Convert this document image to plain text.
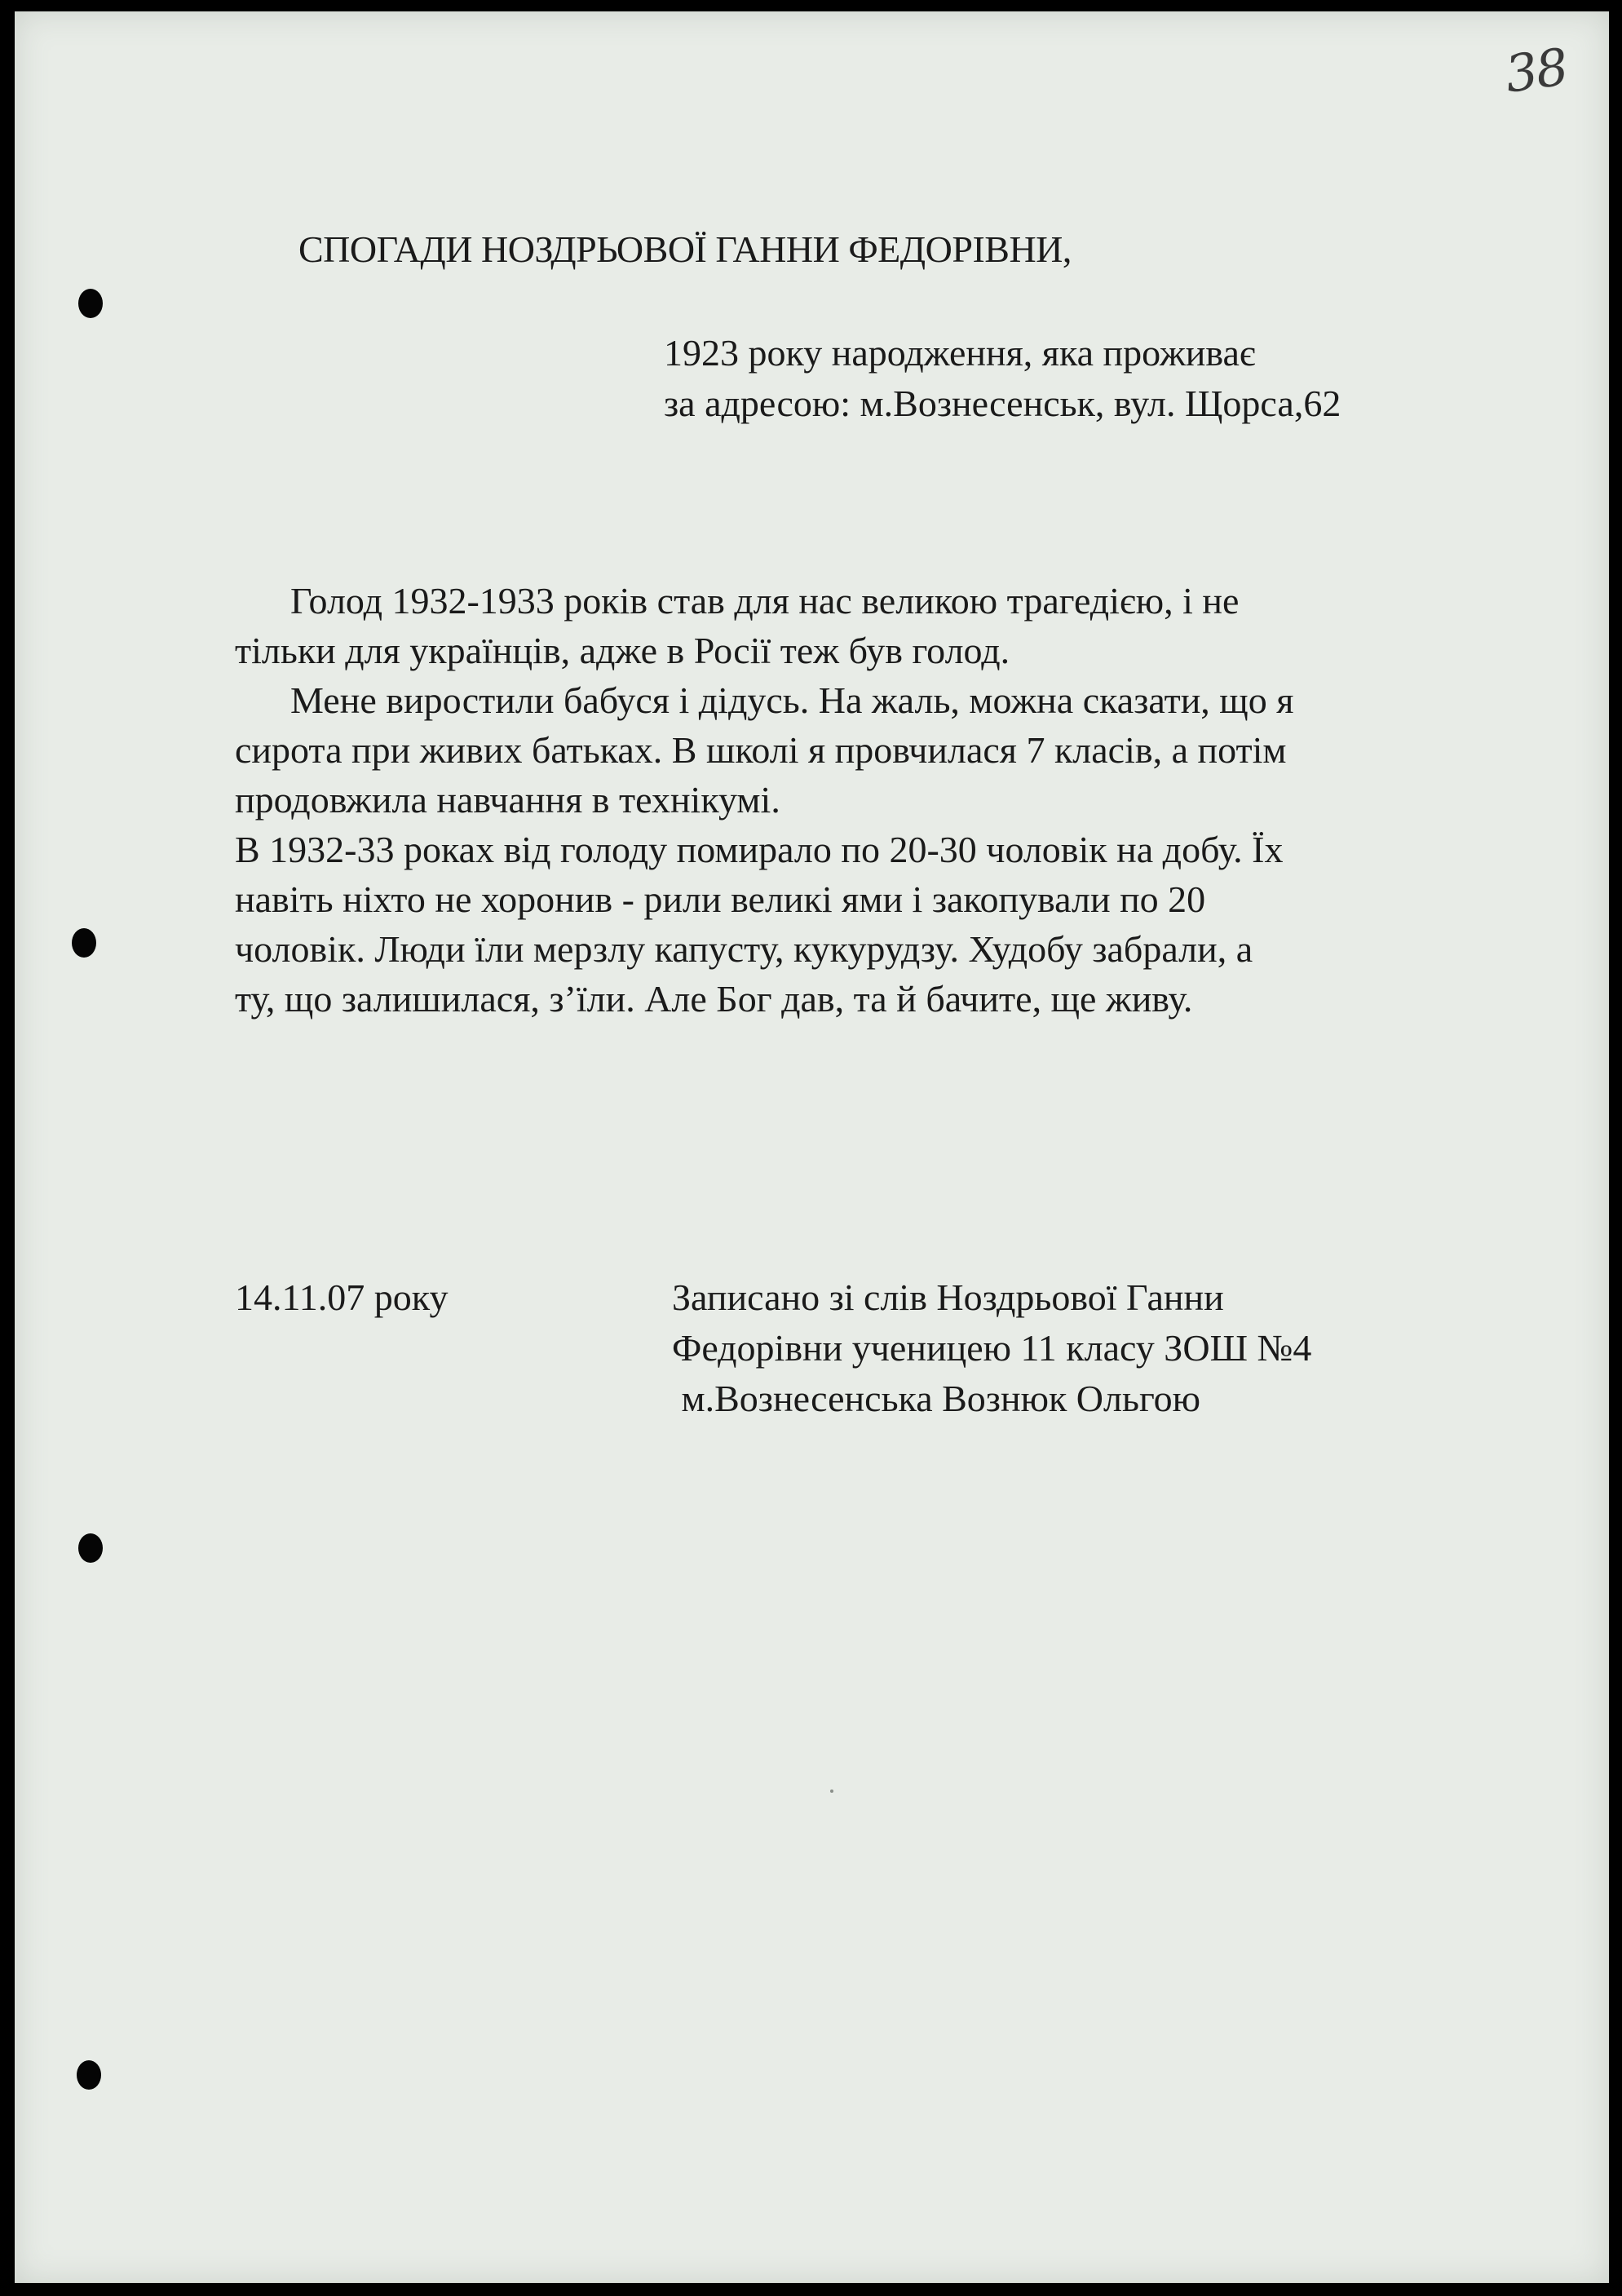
38
СПОГАДИ НОЗДРЬОВОЇ ГАННИ ФЕДОРІВНИ,
1923 року народження, яка проживає
за адресою: м.Вознесенськ, вул. Щорса,62
Голод 1932-1933 років став для нас великою трагедією, і не
тільки для українців, адже в Росії теж був голод.
Мене виростили бабуся і дідусь. На жаль, можна сказати, що я
сирота при живих батьках. В школі я провчилася 7 класів, а потім
продовжила навчання в технікумі.
В 1932-33 роках від голоду помирало по 20-30 чоловік на добу. Їх
навіть ніхто не хоронив - рили великі ями і закопували по 20
чоловік. Люди їли мерзлу капусту, кукурудзу. Худобу забрали, а
ту, що залишилася, з’їли. Але Бог дав, та й бачите, ще живу.
14.11.07 року	Записано зі слів Ноздрьової Ганни
Федорівни ученицею 11 класу ЗОШ №4
м.Вознесенська Вознюк Ольгою
